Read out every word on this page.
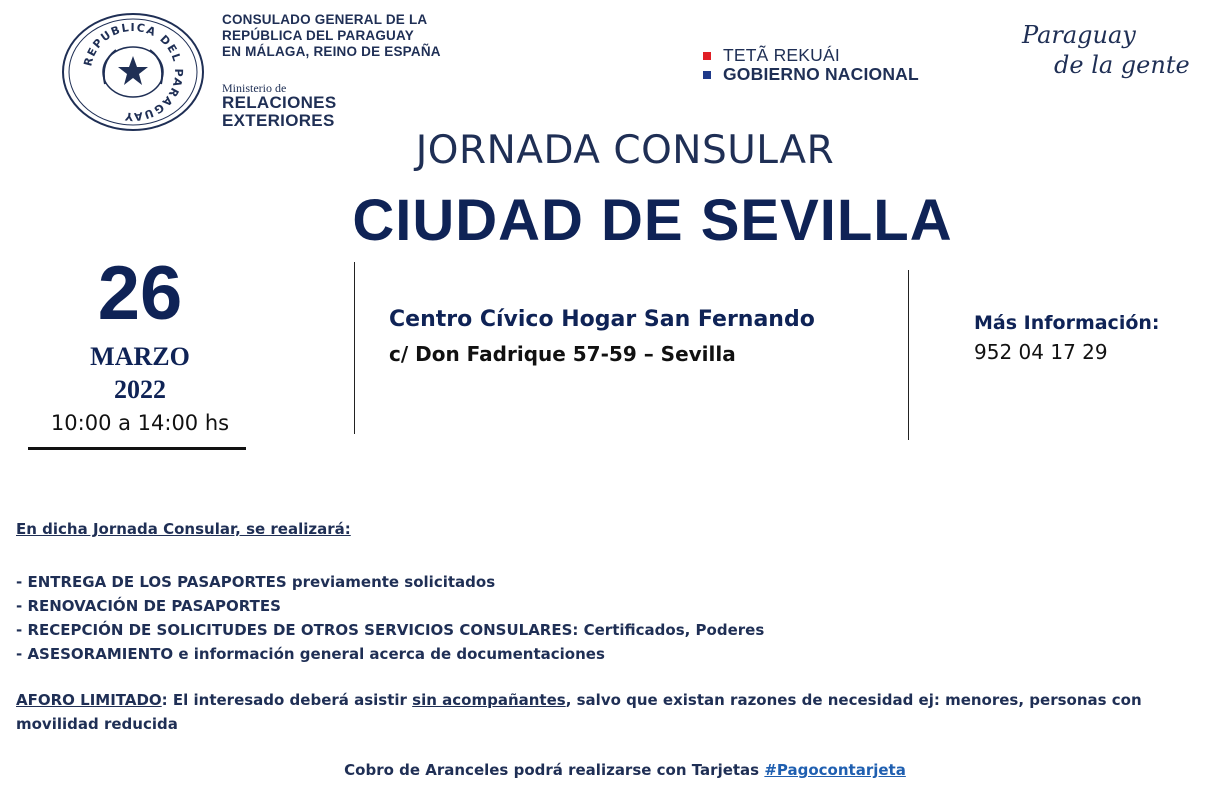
REPUBLICA DEL PARAGUAY
CONSULADO GENERAL DE LA
REPÚBLICA DEL PARAGUAY
EN MÁLAGA, REINO DE ESPAÑA
Ministerio de
RELACIONES
EXTERIORES
TETÃ REKUÁI
GOBIERNO NACIONAL
Paraguay
de la gente
JORNADA CONSULAR
CIUDAD DE SEVILLA
26
MARZO
2022
10:00 a 14:00 hs
Centro Cívico Hogar San Fernando
c/ Don Fadrique 57-59 – Sevilla
Más Información:
952 04 17 29
En dicha Jornada Consular, se realizará:
- ENTREGA DE LOS PASAPORTES previamente solicitados
- RENOVACIÓN DE PASAPORTES
- RECEPCIÓN DE SOLICITUDES DE OTROS SERVICIOS CONSULARES: Certificados, Poderes
- ASESORAMIENTO e información general acerca de documentaciones
AFORO LIMITADO: El interesado deberá asistir sin acompañantes, salvo que existan razones de necesidad ej: menores, personas con movilidad reducida
Cobro de Aranceles podrá realizarse con Tarjetas #Pagocontarjeta
